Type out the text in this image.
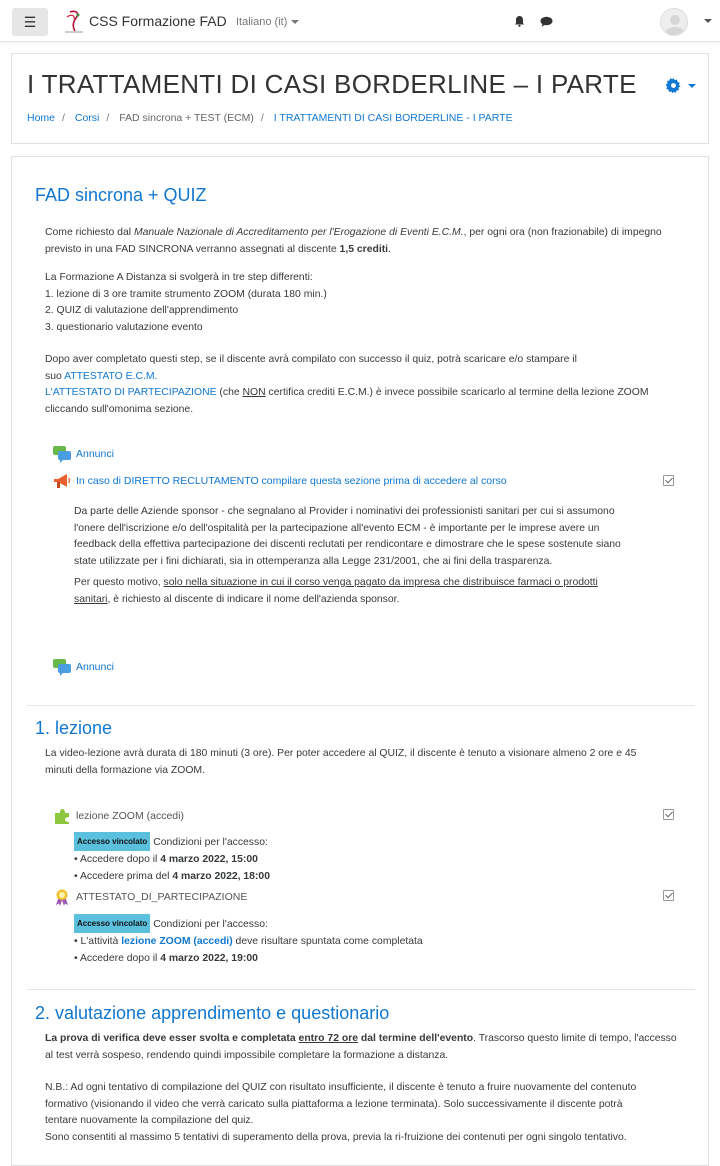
☰	CSS Formazione FAD Italiano (it)
I TRATTAMENTI DI CASI BORDERLINE – I PARTE

Home / Corsi / FAD sincrona + TEST (ECM) / I TRATTAMENTI DI CASI BORDERLINE - I PARTE
FAD sincrona + QUIZ
Come richiesto dal Manuale Nazionale di Accreditamento per l'Erogazione di Eventi E.C.M., per ogni ora (non frazionabile) di impegno
previsto in una FAD SINCRONA verranno assegnati al discente 1,5 crediti.
La Formazione A Distanza si svolgerà in tre step differenti:
1. lezione di 3 ore tramite strumento ZOOM (durata 180 min.)
2. QUIZ di valutazione dell'apprendimento
3. questionario valutazione evento
Dopo aver completato questi step, se il discente avrà compilato con successo il quiz, potrà scaricare e/o stampare il
suo ATTESTATO E.C.M.
L'ATTESTATO DI PARTECIPAZIONE (che NON certifica crediti E.C.M.) è invece possibile scaricarlo al termine della lezione ZOOM
cliccando sull'omonima sezione.
Annunci
In caso di DIRETTO RECLUTAMENTO compilare questa sezione prima di accedere al corso
Da parte delle Aziende sponsor - che segnalano al Provider i nominativi dei professionisti sanitari per cui si assumono
l'onere dell'iscrizione e/o dell'ospitalità per la partecipazione all'evento ECM - è importante per le imprese avere un
feedback della effettiva partecipazione dei discenti reclutati per rendicontare e dimostrare che le spese sostenute siano
state utilizzate per i fini dichiarati, sia in ottemperanza alla Legge 231/2001, che ai fini della trasparenza.
Per questo motivo, solo nella situazione in cui il corso venga pagato da impresa che distribuisce farmaci o prodotti
sanitari, è richiesto al discente di indicare il nome dell'azienda sponsor.
Annunci
1. lezione
La video-lezione avrà durata di 180 minuti (3 ore). Per poter accedere al QUIZ, il discente è tenuto a visionare almeno 2 ore e 45
minuti della formazione via ZOOM.
lezione ZOOM (accedi)
Accesso vincolato Condizioni per l'accesso:
• Accedere dopo il 4 marzo 2022, 15:00
• Accedere prima del 4 marzo 2022, 18:00
ATTESTATO_DI_PARTECIPAZIONE
Accesso vincolato Condizioni per l'accesso:
• L'attività lezione ZOOM (accedi) deve risultare spuntata come completata
• Accedere dopo il 4 marzo 2022, 19:00
2. valutazione apprendimento e questionario
La prova di verifica deve esser svolta e completata entro 72 ore dal termine dell'evento. Trascorso questo limite di tempo, l'accesso
al test verrà sospeso, rendendo quindi impossibile completare la formazione a distanza.
N.B.: Ad ogni tentativo di compilazione del QUIZ con risultato insufficiente, il discente è tenuto a fruire nuovamente del contenuto
formativo (visionando il video che verrà caricato sulla piattaforma a lezione terminata). Solo successivamente il discente potrà
tentare nuovamente la compilazione del quiz.
Sono consentiti al massimo 5 tentativi di superamento della prova, previa la ri-fruizione dei contenuti per ogni singolo tentativo.
